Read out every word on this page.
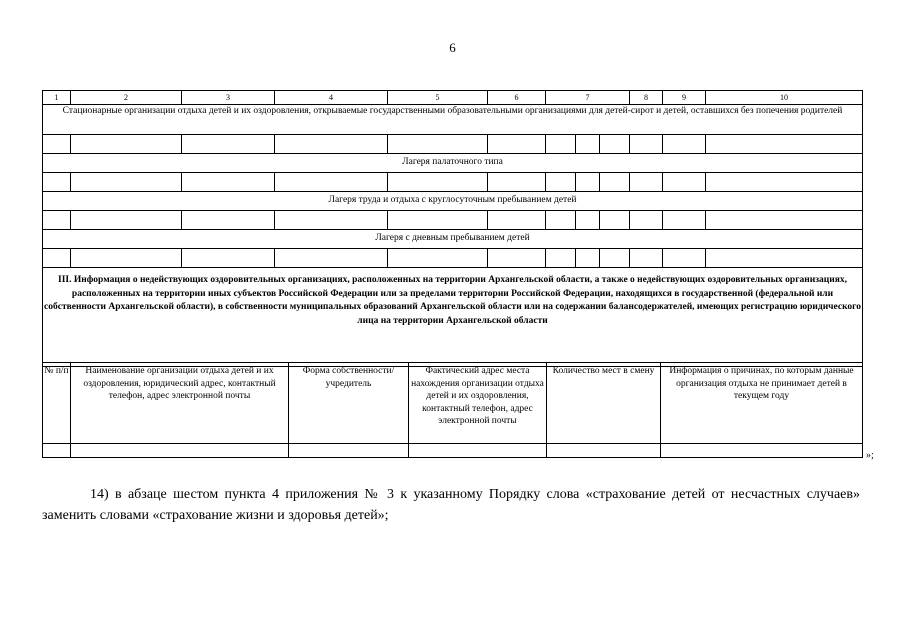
6
1	2	3	4	5	6	7			8	9	10
Стационарные организации отдыха детей и их оздоровления, открываемые государственными образовательными организациями для детей-сирот и детей, оставшихся без попечения родителей											

Лагеря палаточного типа											

Лагеря труда и отдыха с круглосуточным пребыванием детей											

Лагеря с дневным пребыванием детей											

III. Информация о недействующих оздоровительных организациях, расположенных на территории Архангельской области, а также о недействующих оздоровительных организациях, расположенных на территории иных субъектов Российской Федерации или за пределами территории Российской Федерации, находящихся в государственной (федеральной или собственности Архангельской области), в собственности муниципальных образований Архангельской области или на содержании балансодержателей, имеющих регистрацию юридического лица на территории Архангельской области											
№ п/п	Наименование организации отдыха детей и их оздоровления, юридический адрес, контактный телефон, адрес электронной почты	Форма собственности/ учредитель	Фактический адрес места нахождения организации отдыха детей и их оздоровления, контактный телефон, адрес электронной почты	Количество мест в смену	Информация о причинах, по которым данные организация отдыха не принимает детей в текущем году

»;
14) в абзаце шестом пункта 4 приложения № 3 к указанному Порядку слова «страхование детей от несчастных случаев» заменить словами «страхование жизни и здоровья детей»;
